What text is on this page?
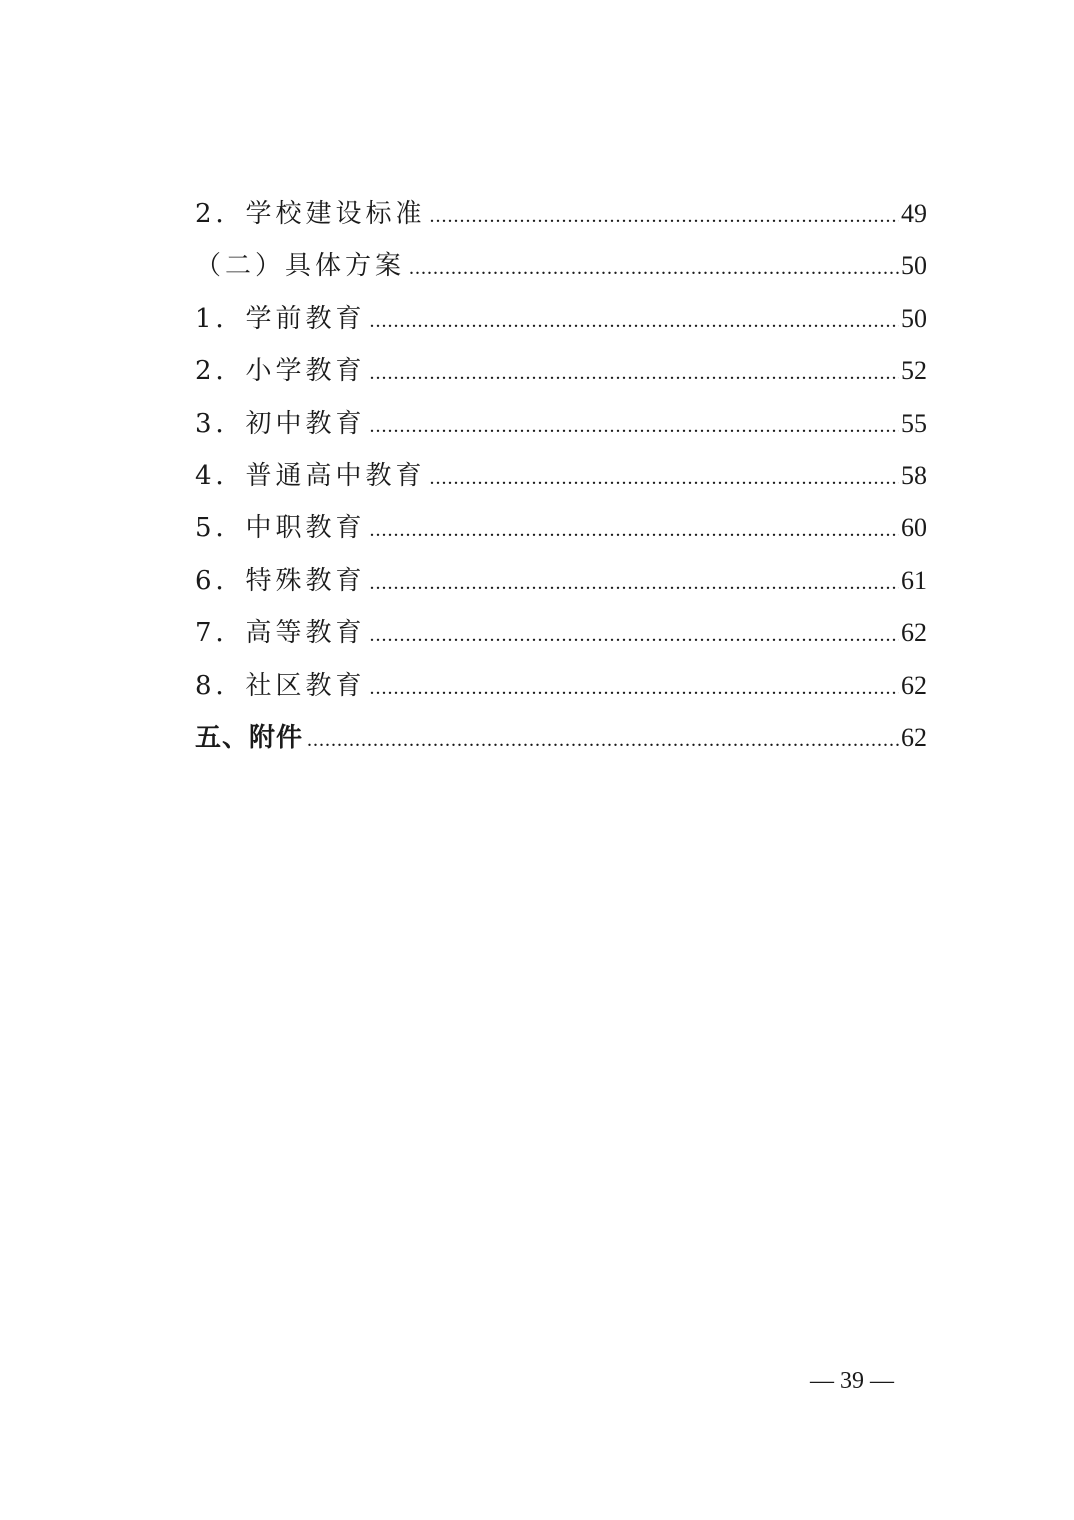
2．学校建设标准 .....	49
（二）具体方案 .....	50
1．学前教育 .....	50
2．小学教育 .....	52
3．初中教育 .....	55
4．普通高中教育 .....	58
5．中职教育 .....	60
6．特殊教育 .....	61
7．高等教育 .....	62
8．社区教育 .....	62
五、附件 .....	62
— 39 —
